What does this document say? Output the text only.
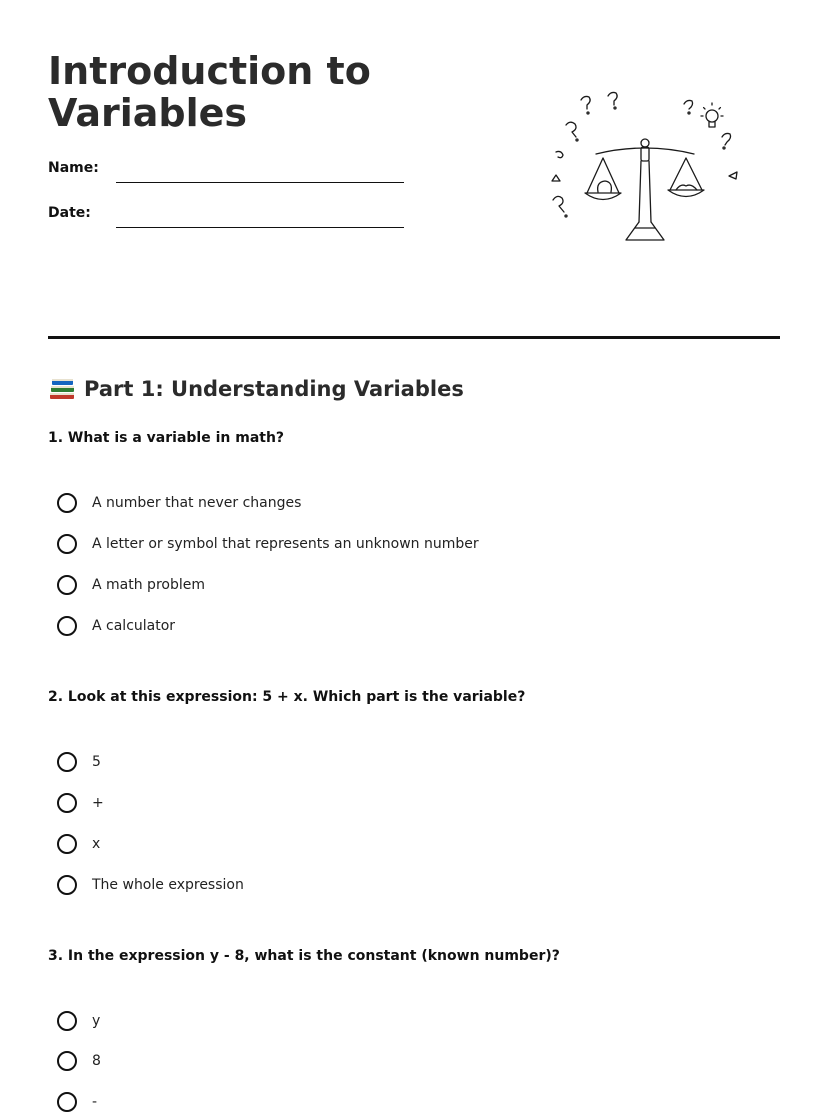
Introduction to
Variables
Name:
Date:
Part 1: Understanding Variables
1. What is a variable in math?
A number that never changes
A letter or symbol that represents an unknown number
A math problem
A calculator
2. Look at this expression: 5 + x. Which part is the variable?
5
+
x
The whole expression
3. In the expression y - 8, what is the constant (known number)?
y
8
-
